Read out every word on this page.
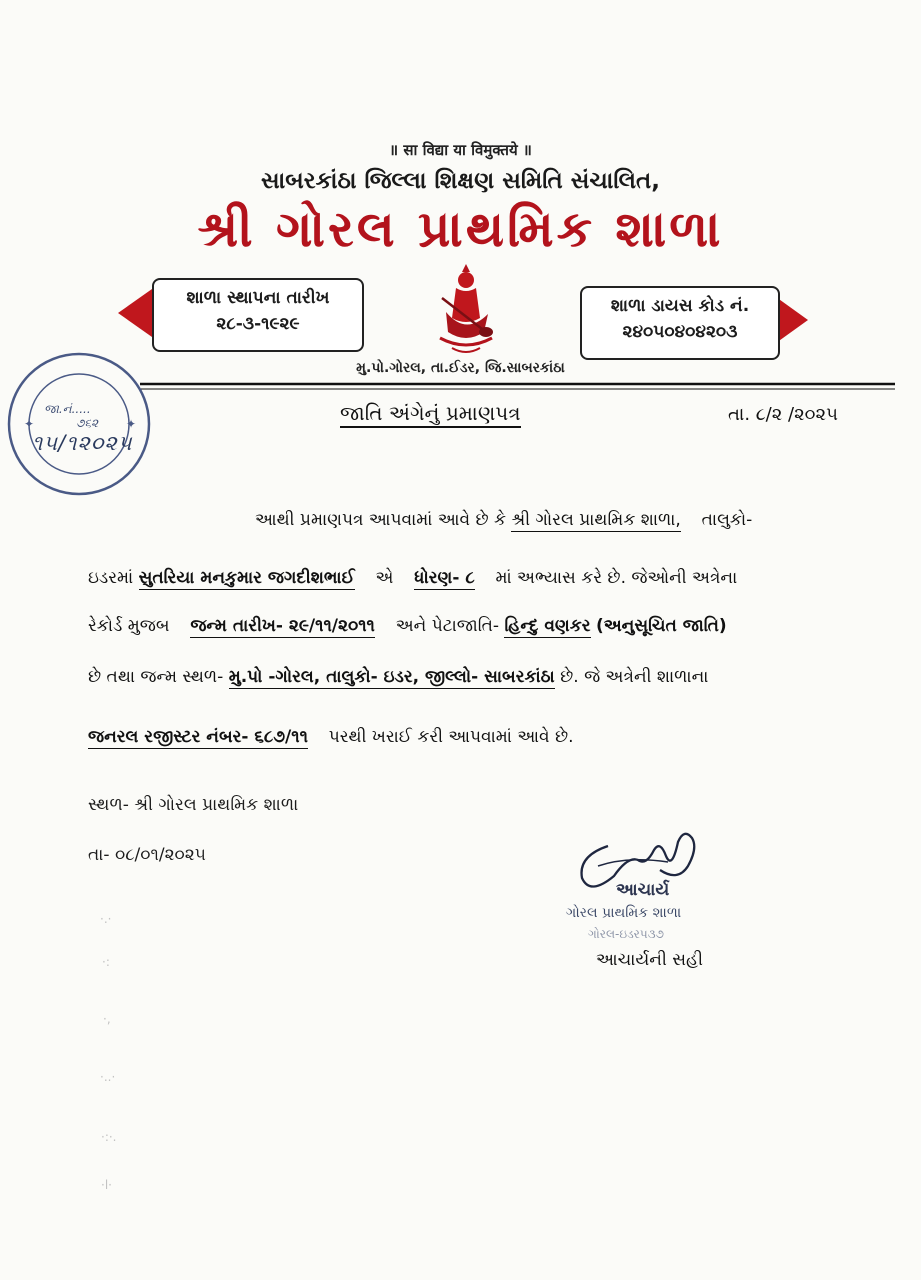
॥ सा विद्या या विमुक्तये ॥
સાબરકાંઠા જિલ્લા શિક્ષણ સમિતિ સંચાલિત,
શ્રી ગોરલ પ્રાથમિક શાળા
શાળા સ્થાપના તારીખ
૨૮-૩-૧૯૨૯
શાળા ડાયસ કોડ નં.
૨૪૦૫૦૪૦૪૨૦૩
મુ.પો.ગોરલ, તા.ઈડર, જિ.સાબરકાંઠા
✦	✦
જા.નં.....
૭૬૨
૧૫/૧૨૦૨૫
જાતિ અંગેનું પ્રમાણપત્ર	તા. ૮/૨ /૨૦૨૫
આથી પ્રમાણપત્ર આપવામાં આવે છે કે શ્રી ગોરલ પ્રાથમિક શાળા, તાલુકો-
ઇડરમાં સુતરિયા મનકુમાર જગદીશભાઈ એ ધોરણ- ૮ માં અભ્યાસ કરે છે. જેઓની અત્રેના
રેકોર્ડ મુજબ જન્મ તારીખ- ૨૯/૧૧/૨૦૧૧ અને પેટાજાતિ- હિન્દુ વણકર (અનુસૂચિત જાતિ)
છે તથા જન્મ સ્થળ- મુ.પો -ગોરલ, તાલુકો- ઇડર, જીલ્લો- સાબરકાંઠા છે. જે અત્રેની શાળાના
જનરલ રજીસ્ટર નંબર- ૬૮૭/૧૧ પરથી ખરાઈ કરી આપવામાં આવે છે.
સ્થળ- શ્રી ગોરલ પ્રાથમિક શાળા
તા- ૦૮/૦૧/૨૦૨૫
આચાર્ય
ગોરલ પ્રાથમિક શાળા
ગોરલ-ઇડરપ૩૭
આચાર્યની સહી
·.·
·:
·,
·..·
·:·.
·l·
